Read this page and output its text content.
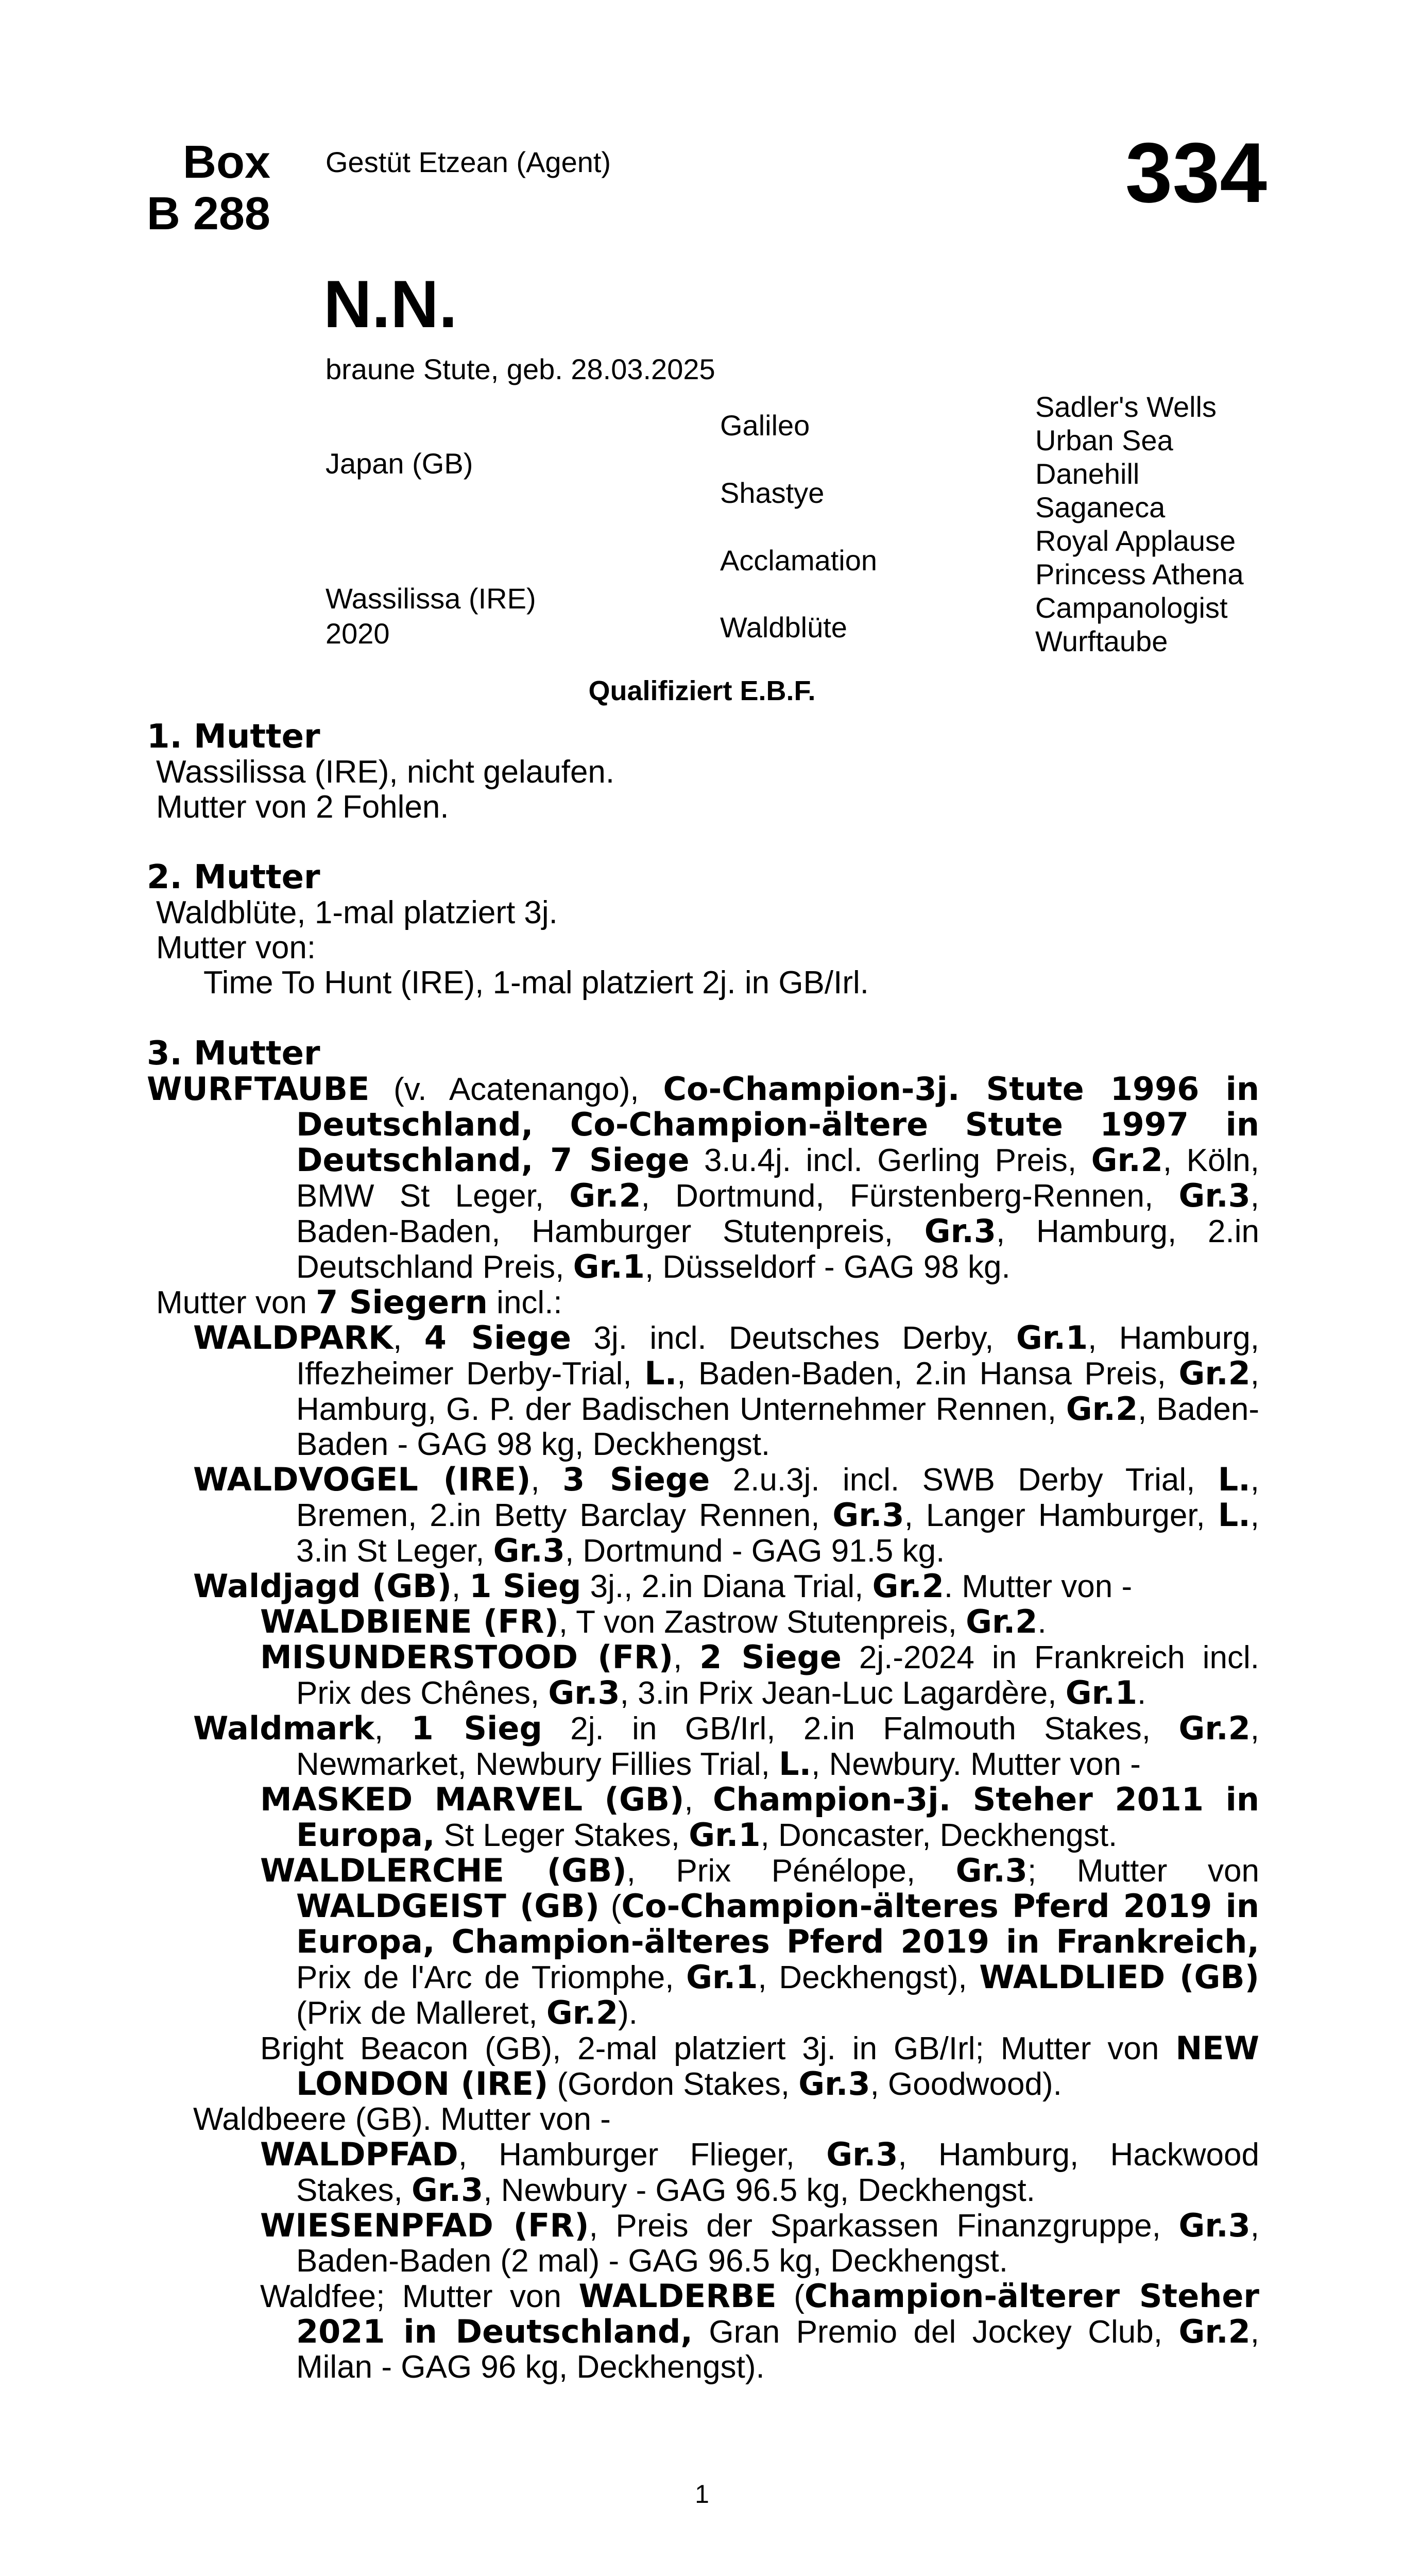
Box
B 288
Gestüt Etzean (Agent)	334
N.N.
braune Stute, geb. 28.03.2025
Japan (GB)
Wassilissa (IRE)
2020
Galileo
Shastye
Acclamation
Waldblüte
Sadler's Wells
Urban Sea
Danehill
Saganeca
Royal Applause
Princess Athena
Campanologist
Wurftaube
Qualifiziert E.B.F.
1. Mutter

Wassilissa (IRE), nicht gelaufen.

Mutter von 2 Fohlen.

2. Mutter

Waldblüte, 1-mal platziert 3j.

Mutter von:

Time To Hunt (IRE), 1-mal platziert 2j. in GB/Irl.

3. Mutter

WURFTAUBE (v. Acatenango), Co-Champion-3j. Stute 1996 in Deutschland, Co-Champion-ältere Stute 1997 in Deutschland, 7 Siege 3.u.4j. incl. Gerling Preis, Gr.2, Köln, BMW St Leger, Gr.2, Dortmund, Fürstenberg-Rennen, Gr.3, Baden-Baden, Hamburger Stutenpreis, Gr.3, Hamburg, 2.in Deutschland Preis, Gr.1, Düsseldorf - GAG 98 kg.

Mutter von 7 Siegern incl.:

WALDPARK, 4 Siege 3j. incl. Deutsches Derby, Gr.1, Hamburg, Iffezheimer Derby-Trial, L., Baden-Baden, 2.in Hansa Preis, Gr.2, Hamburg, G. P. der Badischen Unternehmer Rennen, Gr.2, Baden-Baden - GAG 98 kg, Deckhengst.

WALDVOGEL (IRE), 3 Siege 2.u.3j. incl. SWB Derby Trial, L., Bremen, 2.in Betty Barclay Rennen, Gr.3, Langer Hamburger, L., 3.in St Leger, Gr.3, Dortmund - GAG 91.5 kg.

Waldjagd (GB), 1 Sieg 3j., 2.in Diana Trial, Gr.2. Mutter von -

WALDBIENE (FR), T von Zastrow Stutenpreis, Gr.2.

MISUNDERSTOOD (FR), 2 Siege 2j.-2024 in Frankreich incl. Prix des Chênes, Gr.3, 3.in Prix Jean-Luc Lagardère, Gr.1.

Waldmark, 1 Sieg 2j. in GB/Irl, 2.in Falmouth Stakes, Gr.2, Newmarket, Newbury Fillies Trial, L., Newbury. Mutter von -

MASKED MARVEL (GB), Champion-3j. Steher 2011 in Europa, St Leger Stakes, Gr.1, Doncaster, Deckhengst.

WALDLERCHE (GB), Prix Pénélope, Gr.3; Mutter von WALDGEIST (GB) (Co-Champion-älteres Pferd 2019 in Europa, Champion-älteres Pferd 2019 in Frankreich, Prix de l'Arc de Triomphe, Gr.1, Deckhengst), WALDLIED (GB) (Prix de Malleret, Gr.2).

Bright Beacon (GB), 2-mal platziert 3j. in GB/Irl; Mutter von NEW LONDON (IRE) (Gordon Stakes, Gr.3, Goodwood).

Waldbeere (GB). Mutter von -

WALDPFAD, Hamburger Flieger, Gr.3, Hamburg, Hackwood Stakes, Gr.3, Newbury - GAG 96.5 kg, Deckhengst.

WIESENPFAD (FR), Preis der Sparkassen Finanzgruppe, Gr.3, Baden-Baden (2 mal) - GAG 96.5 kg, Deckhengst.

Waldfee; Mutter von WALDERBE (Champion-älterer Steher 2021 in Deutschland, Gran Premio del Jockey Club, Gr.2, Milan - GAG 96 kg, Deckhengst).

1
